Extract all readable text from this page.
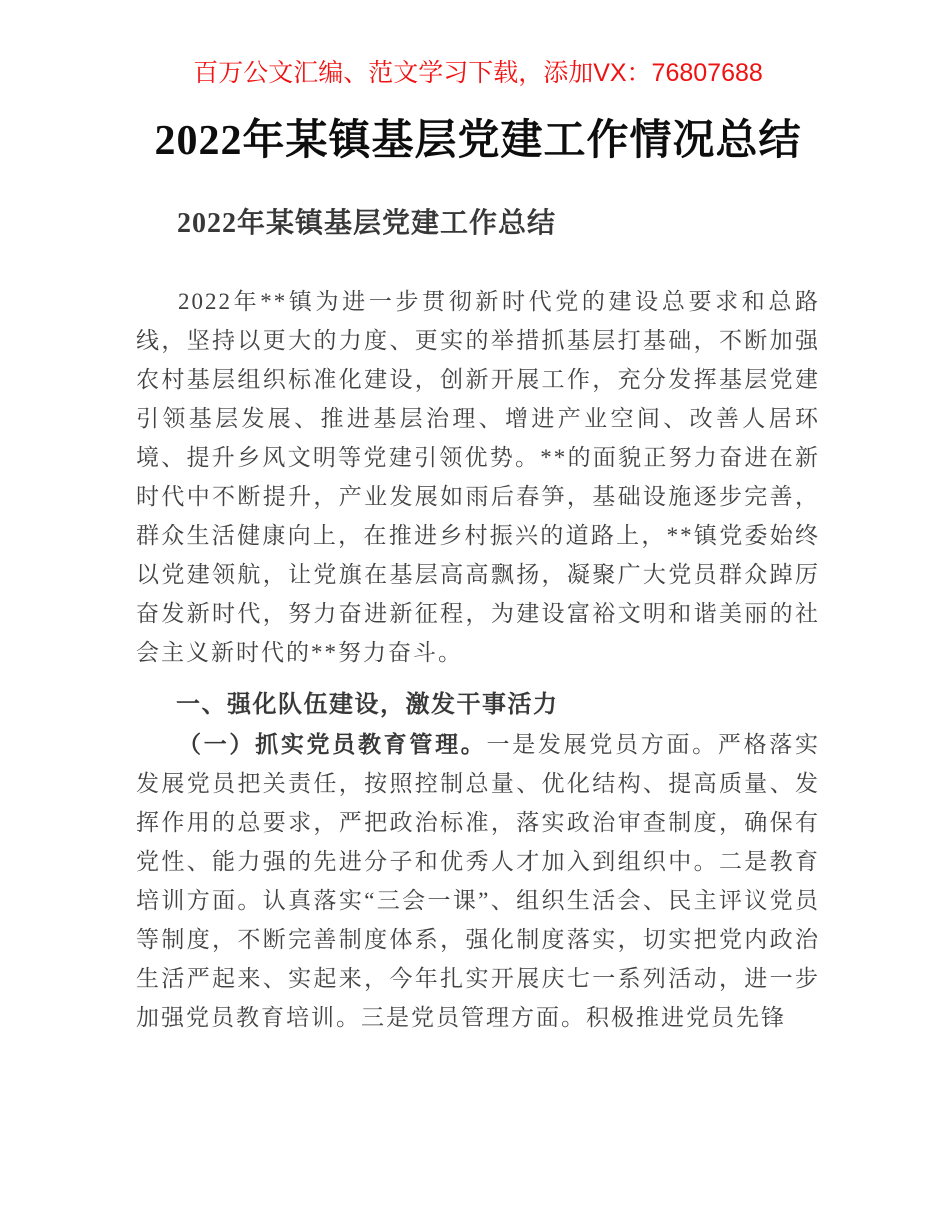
百万公文汇编、范文学习下载，添加VX：76807688
2022年某镇基层党建工作情况总结
2022年某镇基层党建工作总结

2022年**镇为进一步贯彻新时代党的建设总要求和总路线，坚持以更大的力度、更实的举措抓基层打基础，不断加强农村基层组织标准化建设，创新开展工作，充分发挥基层党建引领基层发展、推进基层治理、增进产业空间、改善人居环境、提升乡风文明等党建引领优势。**的面貌正努力奋进在新时代中不断提升，产业发展如雨后春笋，基础设施逐步完善，群众生活健康向上，在推进乡村振兴的道路上，**镇党委始终以党建领航，让党旗在基层高高飘扬，凝聚广大党员群众踔厉奋发新时代，努力奋进新征程，为建设富裕文明和谐美丽的社会主义新时代的**努力奋斗。

一、强化队伍建设，激发干事活力

（一）抓实党员教育管理。一是发展党员方面。严格落实发展党员把关责任，按照控制总量、优化结构、提高质量、发挥作用的总要求，严把政治标准，落实政治审查制度，确保有党性、能力强的先进分子和优秀人才加入到组织中。二是教育培训方面。认真落实“三会一课”、组织生活会、民主评议党员等制度，不断完善制度体系，强化制度落实，切实把党内政治生活严起来、实起来，今年扎实开展庆七一系列活动，进一步加强党员教育培训。三是党员管理方面。积极推进党员先锋
